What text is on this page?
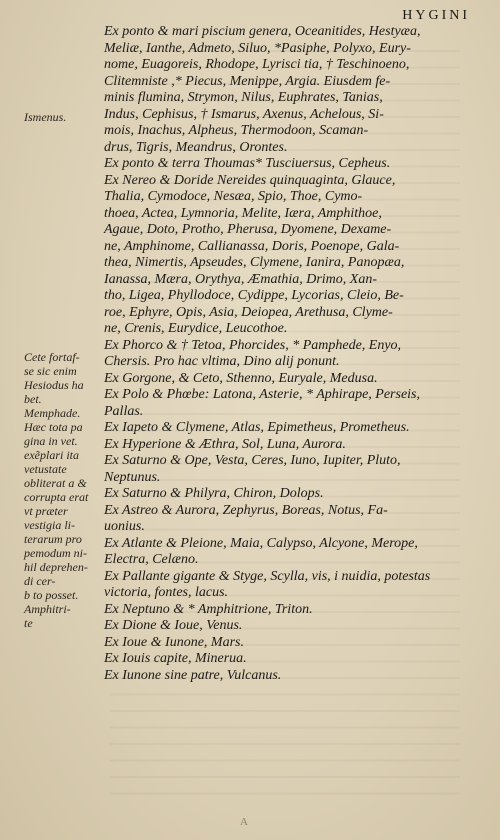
HYGINI
Ex ponto & mari piscium genera, Oceanitides, Hestyæa,
Meliæ, Ianthe, Admeto, Siluo, *Pasiphe, Polyxo, Eury-
nome, Euagoreis, Rhodope, Lyrisci tia, † Teschinoeno,
Clitemniste ,* Piecus, Menippe, Argia. Eiusdem fe-
minis flumina, Strymon, Nilus, Euphrates, Tanias,
Indus, Cephisus, † Ismarus, Axenus, Achelous, Si-
mois, Inachus, Alpheus, Thermodoon, Scaman-
drus, Tigris, Meandrus, Orontes.
Ex ponto & terra Thoumas* Tusciuersus, Cepheus.
Ex Nereo & Doride Nereides quinquaginta, Glauce,
Thalia, Cymodoce, Nesæa, Spio, Thoe, Cymo-
thoea, Actea, Lymnoria, Melite, Iæra, Amphithoe,
Agaue, Doto, Protho, Pherusa, Dyomene, Dexame-
ne, Amphinome, Callianassa, Doris, Poenope, Gala-
thea, Nimertis, Apseudes, Clymene, Ianira, Panopæa,
Ianassa, Mæra, Orythya, Æmathia, Drimo, Xan-
tho, Ligea, Phyllodoce, Cydippe, Lycorias, Cleio, Be-
roe, Ephyre, Opis, Asia, Deiopea, Arethusa, Clyme-
ne, Crenis, Eurydice, Leucothoe.
Ex Phorco & † Tetoa, Phorcides, * Pamphede, Enyo,
Chersis. Pro hac vltima, Dino alij ponunt.
Ex Gorgone, & Ceto, Sthenno, Euryale, Medusa.
Ex Polo & Phœbe: Latona, Asterie, * Aphirape, Perseis,
Pallas.
Ex Iapeto & Clymene, Atlas, Epimetheus, Prometheus.
Ex Hyperione & Æthra, Sol, Luna, Aurora.
Ex Saturno & Ope, Vesta, Ceres, Iuno, Iupiter, Pluto,
Neptunus.
Ex Saturno & Philyra, Chiron, Dolops.
Ex Astreo & Aurora, Zephyrus, Boreas, Notus, Fa-
uonius.
Ex Atlante & Pleione, Maia, Calypso, Alcyone, Merope,
Electra, Celæno.
Ex Pallante gigante & Styge, Scylla, vis, i nuidia, potestas
victoria, fontes, lacus.
Ex Neptuno & * Amphitrione, Triton.
Ex Dione & Ioue, Venus.
Ex Ioue & Iunone, Mars.
Ex Iouis capite, Minerua.
Ex Iunone sine patre, Vulcanus.
Ismenus.
Cete fortaf-
se sic enim
Hesiodus ha
bet.
Memphade.
Hæc tota pa
gina in vet.
exẽplari ita
vetustate
obliterat a &
corrupta erat
vt præter
vestigia li-
terarum pro
pemodum ni-
hil deprehen-
di cer-
b to posset.
Amphitri-
te
A
